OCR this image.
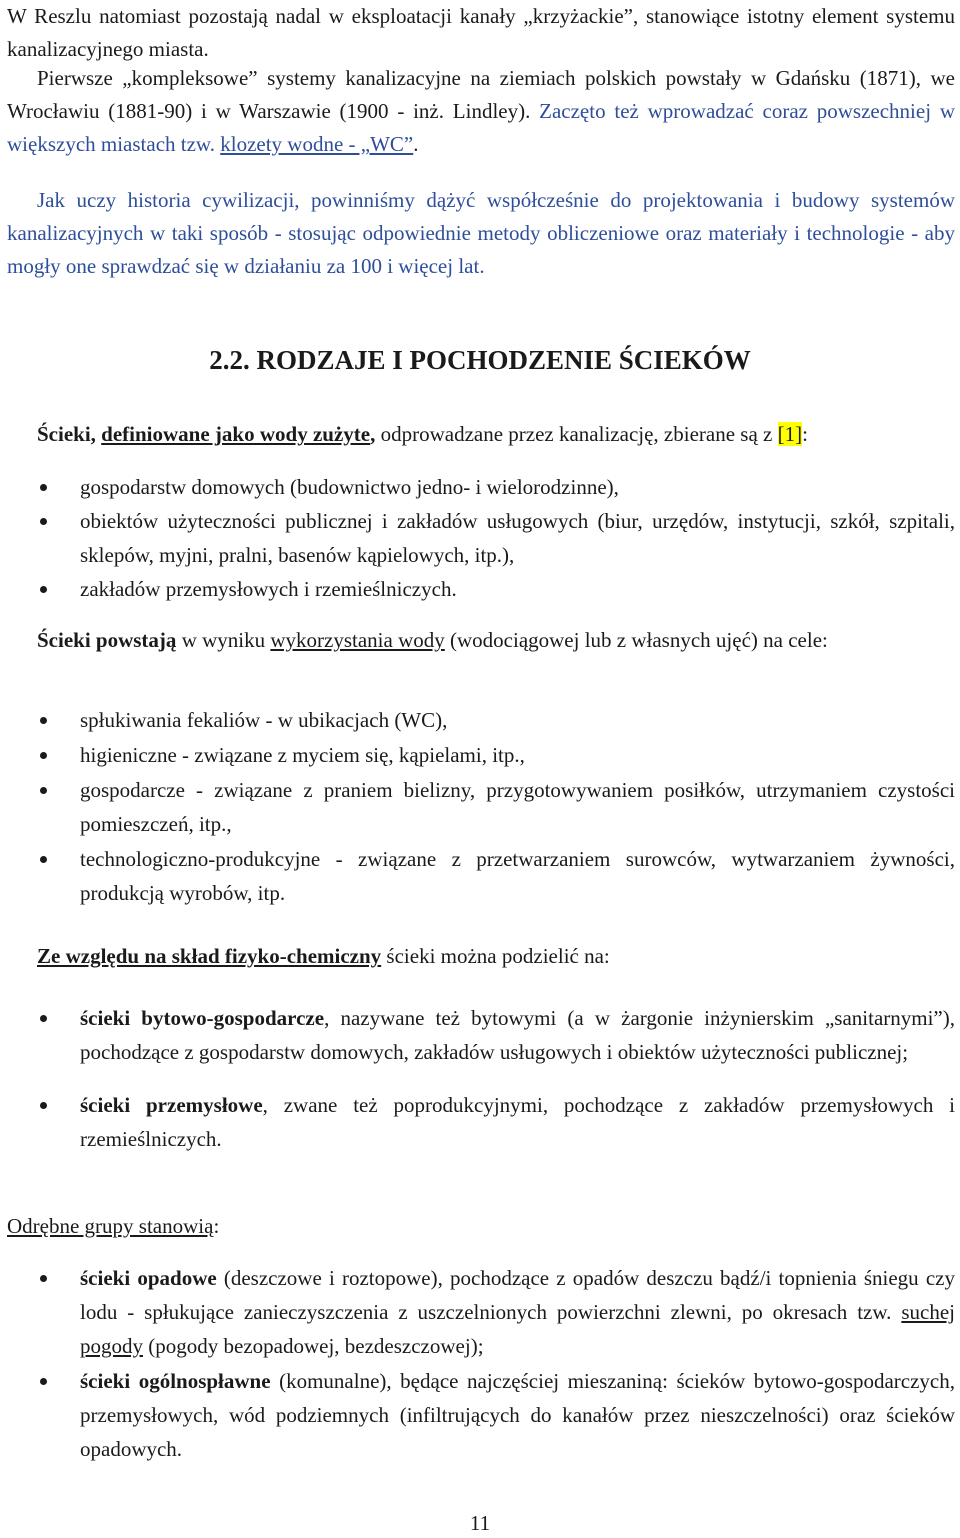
W Reszlu natomiast pozostają nadal w eksploatacji kanały „krzyżackie”, stanowiące istotny element systemu kanalizacyjnego miasta.

Pierwsze „kompleksowe” systemy kanalizacyjne na ziemiach polskich powstały w Gdańsku (1871), we Wrocławiu (1881-90) i w Warszawie (1900 - inż. Lindley). Zaczęto też wprowadzać coraz powszechniej w większych miastach tzw. klozety wodne - „WC”.

Jak uczy historia cywilizacji, powinniśmy dążyć współcześnie do projektowania i budowy systemów kanalizacyjnych w taki sposób - stosując odpowiednie metody obliczeniowe oraz materiały i technologie - aby mogły one sprawdzać się w działaniu za 100 i więcej lat.

2.2. RODZAJE I POCHODZENIE ŚCIEKÓW

Ścieki, definiowane jako wody zużyte, odprowadzane przez kanalizację, zbierane są z [1]:

gospodarstw domowych (budownictwo jedno- i wielorodzinne),
obiektów użyteczności publicznej i zakładów usługowych (biur, urzędów, instytucji, szkół, szpitali, sklepów, myjni, pralni, basenów kąpielowych, itp.),
zakładów przemysłowych i rzemieślniczych.

Ścieki powstają w wyniku wykorzystania wody (wodociągowej lub z własnych ujęć) na cele:

spłukiwania fekaliów - w ubikacjach (WC),
higieniczne - związane z myciem się, kąpielami, itp.,
gospodarcze - związane z praniem bielizny, przygotowywaniem posiłków, utrzymaniem czystości pomieszczeń, itp.,
technologiczno-produkcyjne - związane z przetwarzaniem surowców, wytwarzaniem żywności, produkcją wyrobów, itp.

Ze względu na skład fizyko-chemiczny ścieki można podzielić na:

ścieki bytowo-gospodarcze, nazywane też bytowymi (a w żargonie inżynierskim „sanitarnymi”), pochodzące z gospodarstw domowych, zakładów usługowych i obiektów użyteczności publicznej;
ścieki przemysłowe, zwane też poprodukcyjnymi, pochodzące z zakładów przemysłowych i rzemieślniczych.

Odrębne grupy stanowią:

ścieki opadowe (deszczowe i roztopowe), pochodzące z opadów deszczu bądź/i topnienia śniegu czy lodu - spłukujące zanieczyszczenia z uszczelnionych powierzchni zlewni, po okresach tzw. suchej pogody (pogody bezopadowej, bezdeszczowej);
ścieki ogólnospławne (komunalne), będące najczęściej mieszaniną: ścieków bytowo-gospodarczych, przemysłowych, wód podziemnych (infiltrujących do kanałów przez nieszczelności) oraz ścieków opadowych.
11
